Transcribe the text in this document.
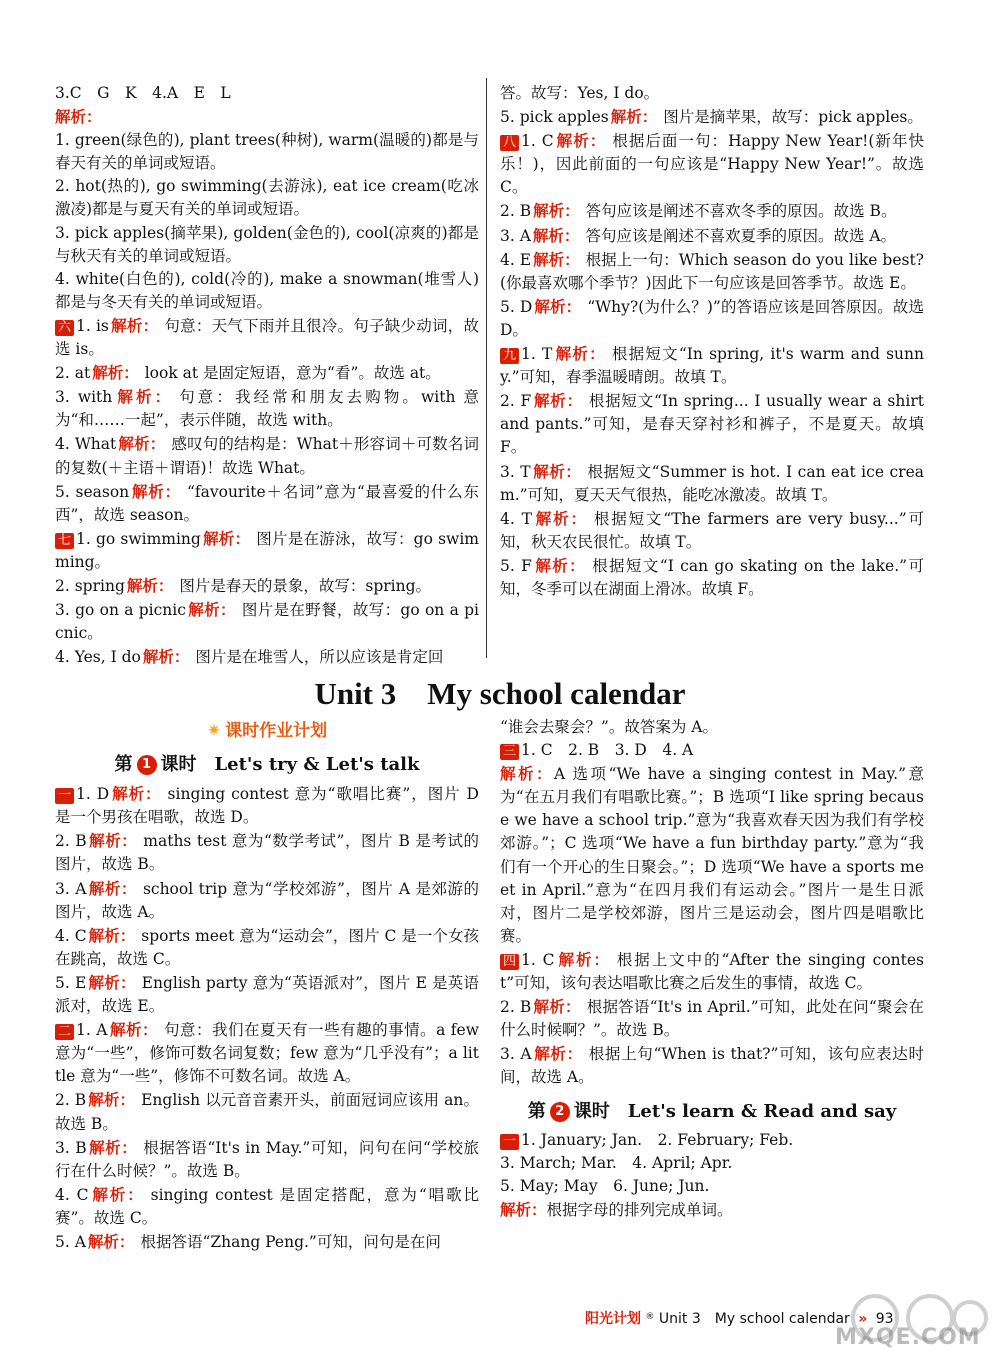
3.C　G　K　4.A　E　L

解析：

1. green(绿色的), plant trees(种树), warm(温暖的)都是与春天有关的单词或短语。

2. hot(热的), go swimming(去游泳), eat ice cream(吃冰激凌)都是与夏天有关的单词或短语。

3. pick apples(摘苹果), golden(金色的), cool(凉爽的)都是与秋天有关的单词或短语。

4. white(白色的), cold(冷的), make a snowman(堆雪人)都是与冬天有关的单词或短语。

六 1. is 解析： 句意：天气下雨并且很冷。句子缺少动词，故选 is。

2. at 解析： look at 是固定短语，意为“看”。故选 at。

3. with 解析： 句意：我经常和朋友去购物。with 意为“和……一起”，表示伴随，故选 with。

4. What 解析： 感叹句的结构是：What＋形容词＋可数名词的复数(＋主语＋谓语)！故选 What。

5. season 解析： “favourite＋名词”意为“最喜爱的什么东西”，故选 season。

七 1. go swimming 解析： 图片是在游泳，故写：go swimming。

2. spring 解析： 图片是春天的景象，故写：spring。

3. go on a picnic 解析： 图片是在野餐，故写：go on a picnic。

4. Yes, I do 解析： 图片是在堆雪人，所以应该是肯定回

答。故写：Yes, I do。

5. pick apples 解析： 图片是摘苹果，故写：pick apples。

八 1. C 解析： 根据后面一句：Happy New Year!(新年快乐！)，因此前面的一句应该是“Happy New Year!”。故选 C。

2. B 解析： 答句应该是阐述不喜欢冬季的原因。故选 B。

3. A 解析： 答句应该是阐述不喜欢夏季的原因。故选 A。

4. E 解析： 根据上一句：Which season do you like best?(你最喜欢哪个季节？)因此下一句应该是回答季节。故选 E。

5. D 解析： “Why?(为什么？)”的答语应该是回答原因。故选 D。

九 1. T 解析： 根据短文“In spring, it's warm and sunny.”可知，春季温暖晴朗。故填 T。

2. F 解析： 根据短文“In spring... I usually wear a shirt and pants.”可知，是春天穿衬衫和裤子，不是夏天。故填 F。

3. T 解析： 根据短文“Summer is hot. I can eat ice cream.”可知，夏天天气很热，能吃冰激凌。故填 T。

4. T 解析： 根据短文“The farmers are very busy...”可知，秋天农民很忙。故填 T。

5. F 解析： 根据短文“I can go skating on the lake.”可知，冬季可以在湖面上滑冰。故填 F。

Unit 3　My school calendar
✷ 课时作业计划
第 1 课时　Let's try & Let's talk

一 1. D 解析： singing contest 意为“歌唱比赛”，图片 D 是一个男孩在唱歌，故选 D。

2. B 解析： maths test 意为“数学考试”，图片 B 是考试的图片，故选 B。

3. A 解析： school trip 意为“学校郊游”，图片 A 是郊游的图片，故选 A。

4. C 解析： sports meet 意为“运动会”，图片 C 是一个女孩在跳高，故选 C。

5. E 解析： English party 意为“英语派对”，图片 E 是英语派对，故选 E。

二 1. A 解析： 句意：我们在夏天有一些有趣的事情。a few 意为“一些”，修饰可数名词复数；few 意为“几乎没有”；a little 意为“一些”，修饰不可数名词。故选 A。

2. B 解析： English 以元音音素开头，前面冠词应该用 an。故选 B。

3. B 解析： 根据答语“It's in May.”可知，问句在问“学校旅行在什么时候？”。故选 B。

4. C 解析： singing contest 是固定搭配，意为“唱歌比赛”。故选 C。

5. A 解析： 根据答语“Zhang Peng.”可知，问句是在问

“谁会去聚会？”。故答案为 A。

三 1. C　2. B　3. D　4. A

解析：A 选项“We have a singing contest in May.”意为“在五月我们有唱歌比赛。”；B 选项“I like spring because we have a school trip.”意为“我喜欢春天因为我们有学校郊游。”；C 选项“We have a fun birthday party.”意为“我们有一个开心的生日聚会。”；D 选项“We have a sports meet in April.”意为“在四月我们有运动会。”图片一是生日派对，图片二是学校郊游，图片三是运动会，图片四是唱歌比赛。

四 1. C 解析： 根据上文中的“After the singing contest”可知，该句表达唱歌比赛之后发生的事情，故选 C。

2. B 解析： 根据答语“It's in April.”可知，此处在问“聚会在什么时候啊？”。故选 B。

3. A 解析： 根据上句“When is that?”可知，该句应表达时间，故选 A。

第 2 课时　Let's learn & Read and say

一 1. January; Jan.　2. February; Feb.

3. March; Mar.　4. April; Apr.

5. May; May　6. June; Jun.

解析：根据字母的排列完成单词。

阳光计划 ® Unit 3　My school calendar » 93
MXQE.COM
